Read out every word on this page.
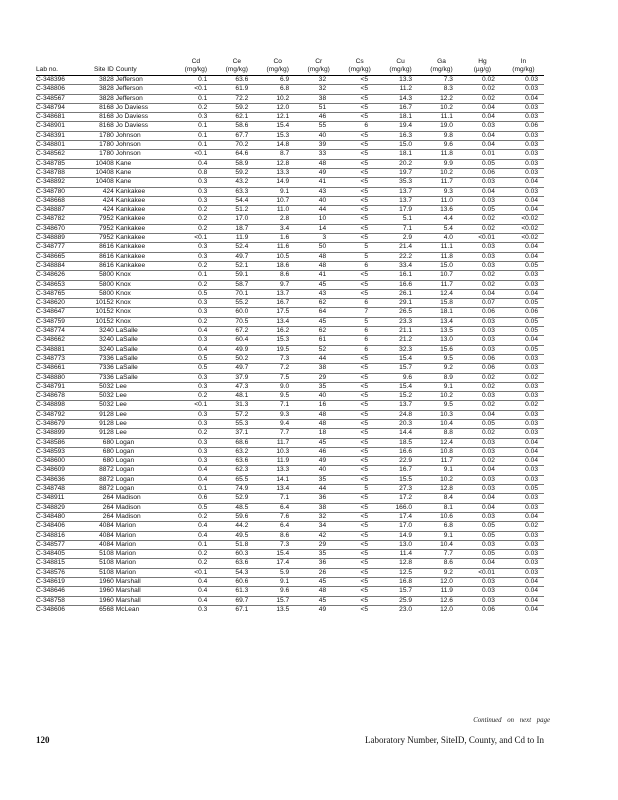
			Cd	Ce	Co	Cr	Cs	Cu	Ga	Hg	In
Lab no.	Site ID	County	(mg/kg)	(mg/kg)	(mg/kg)	(mg/kg)	(mg/kg)	(mg/kg)	(mg/kg)	(µg/g)	(mg/kg)
C-348396	3828	Jefferson	0.1	63.6	6.9	32	<5	13.3	7.3	0.02	0.03
C-348806	3828	Jefferson	<0.1	61.9	6.8	32	<5	11.2	8.3	0.02	0.03
C-348567	3828	Jefferson	0.1	72.2	10.2	38	<5	14.3	12.2	0.02	0.04
C-348794	8168	Jo Daviess	0.2	59.2	12.0	51	<5	16.7	10.2	0.04	0.03
C-348681	8168	Jo Daviess	0.3	62.1	12.1	46	<5	18.1	11.1	0.04	0.03
C-348901	8168	Jo Daviess	0.1	58.6	15.4	55	6	19.4	19.0	0.03	0.06
C-348391	1780	Johnson	0.1	67.7	15.3	40	<5	16.3	9.8	0.04	0.03
C-348801	1780	Johnson	0.1	70.2	14.8	39	<5	15.0	9.6	0.04	0.03
C-348562	1780	Johnson	<0.1	64.6	8.7	33	<5	18.1	11.8	0.01	0.03
C-348785	10408	Kane	0.4	58.9	12.8	48	<5	20.2	9.9	0.05	0.03
C-348788	10408	Kane	0.8	59.2	13.3	49	<5	19.7	10.2	0.06	0.03
C-348892	10408	Kane	0.3	43.2	14.9	41	<5	35.3	11.7	0.03	0.04
C-348780	424	Kankakee	0.3	63.3	9.1	43	<5	13.7	9.3	0.04	0.03
C-348668	424	Kankakee	0.3	54.4	10.7	40	<5	13.7	11.0	0.03	0.04
C-348887	424	Kankakee	0.2	51.2	11.0	44	<5	17.9	13.6	0.05	0.04
C-348782	7952	Kankakee	0.2	17.0	2.8	10	<5	5.1	4.4	0.02	<0.02
C-348670	7952	Kankakee	0.2	18.7	3.4	14	<5	7.1	5.4	0.02	<0.02
C-348889	7952	Kankakee	<0.1	11.9	1.6	3	<5	2.9	4.0	<0.01	<0.02
C-348777	8616	Kankakee	0.3	52.4	11.6	50	5	21.4	11.1	0.03	0.04
C-348665	8616	Kankakee	0.3	49.7	10.5	48	5	22.2	11.8	0.03	0.04
C-348884	8616	Kankakee	0.2	52.1	18.6	48	6	33.4	15.0	0.03	0.05
C-348626	5800	Knox	0.1	59.1	8.6	41	<5	16.1	10.7	0.02	0.03
C-348653	5800	Knox	0.2	58.7	9.7	45	<5	16.6	11.7	0.02	0.03
C-348765	5800	Knox	0.5	70.1	13.7	43	<5	26.1	12.4	0.04	0.04
C-348620	10152	Knox	0.3	55.2	16.7	62	6	29.1	15.8	0.07	0.05
C-348647	10152	Knox	0.3	60.0	17.5	64	7	26.5	18.1	0.06	0.06
C-348759	10152	Knox	0.2	70.5	13.4	45	5	23.3	13.4	0.03	0.05
C-348774	3240	LaSalle	0.4	67.2	16.2	62	6	21.1	13.5	0.03	0.05
C-348662	3240	LaSalle	0.3	60.4	15.3	61	6	21.2	13.0	0.03	0.04
C-348881	3240	LaSalle	0.4	49.9	19.5	52	6	32.3	15.6	0.03	0.05
C-348773	7336	LaSalle	0.5	50.2	7.3	44	<5	15.4	9.5	0.06	0.03
C-348661	7336	LaSalle	0.5	49.7	7.2	38	<5	15.7	9.2	0.06	0.03
C-348880	7336	LaSalle	0.3	37.9	7.5	29	<5	9.6	8.9	0.02	0.02
C-348791	5032	Lee	0.3	47.3	9.0	35	<5	15.4	9.1	0.02	0.03
C-348678	5032	Lee	0.2	48.1	9.5	40	<5	15.2	10.2	0.03	0.03
C-348898	5032	Lee	<0.1	31.3	7.1	16	<5	13.7	9.5	0.02	0.02
C-348792	9128	Lee	0.3	57.2	9.3	48	<5	24.8	10.3	0.04	0.03
C-348679	9128	Lee	0.3	55.3	9.4	48	<5	20.3	10.4	0.05	0.03
C-348899	9128	Lee	0.2	37.1	7.7	18	<5	14.4	8.8	0.02	0.03
C-348586	680	Logan	0.3	68.6	11.7	45	<5	18.5	12.4	0.03	0.04
C-348593	680	Logan	0.3	63.2	10.3	46	<5	16.6	10.8	0.03	0.04
C-348600	680	Logan	0.3	63.6	11.9	49	<5	22.9	11.7	0.02	0.04
C-348609	8872	Logan	0.4	62.3	13.3	40	<5	16.7	9.1	0.04	0.03
C-348636	8872	Logan	0.4	65.5	14.1	35	<5	15.5	10.2	0.03	0.03
C-348748	8872	Logan	0.1	74.9	13.4	44	5	27.3	12.8	0.03	0.05
C-348911	264	Madison	0.6	52.9	7.1	36	<5	17.2	8.4	0.04	0.03
C-348829	264	Madison	0.5	48.5	6.4	38	<5	166.0	8.1	0.04	0.03
C-348480	264	Madison	0.2	59.6	7.6	32	<5	17.4	10.6	0.03	0.04
C-348406	4084	Marion	0.4	44.2	6.4	34	<5	17.0	6.8	0.05	0.02
C-348816	4084	Marion	0.4	49.5	8.6	42	<5	14.9	9.1	0.05	0.03
C-348577	4084	Marion	0.1	51.8	7.3	29	<5	13.0	10.4	0.03	0.03
C-348405	5108	Marion	0.2	60.3	15.4	35	<5	11.4	7.7	0.05	0.03
C-348815	5108	Marion	0.2	63.6	17.4	36	<5	12.8	8.6	0.04	0.03
C-348576	5108	Marion	<0.1	54.3	5.9	26	<5	12.5	9.2	<0.01	0.03
C-348619	1960	Marshall	0.4	60.6	9.1	45	<5	16.8	12.0	0.03	0.04
C-348646	1960	Marshall	0.4	61.3	9.6	48	<5	15.7	11.9	0.03	0.04
C-348758	1960	Marshall	0.4	69.7	15.7	45	<5	25.9	12.6	0.03	0.04
C-348606	6568	McLean	0.3	67.1	13.5	49	<5	23.0	12.0	0.06	0.04
Continued on next page
120	Laboratory Number, SiteID, County, and Cd to In
